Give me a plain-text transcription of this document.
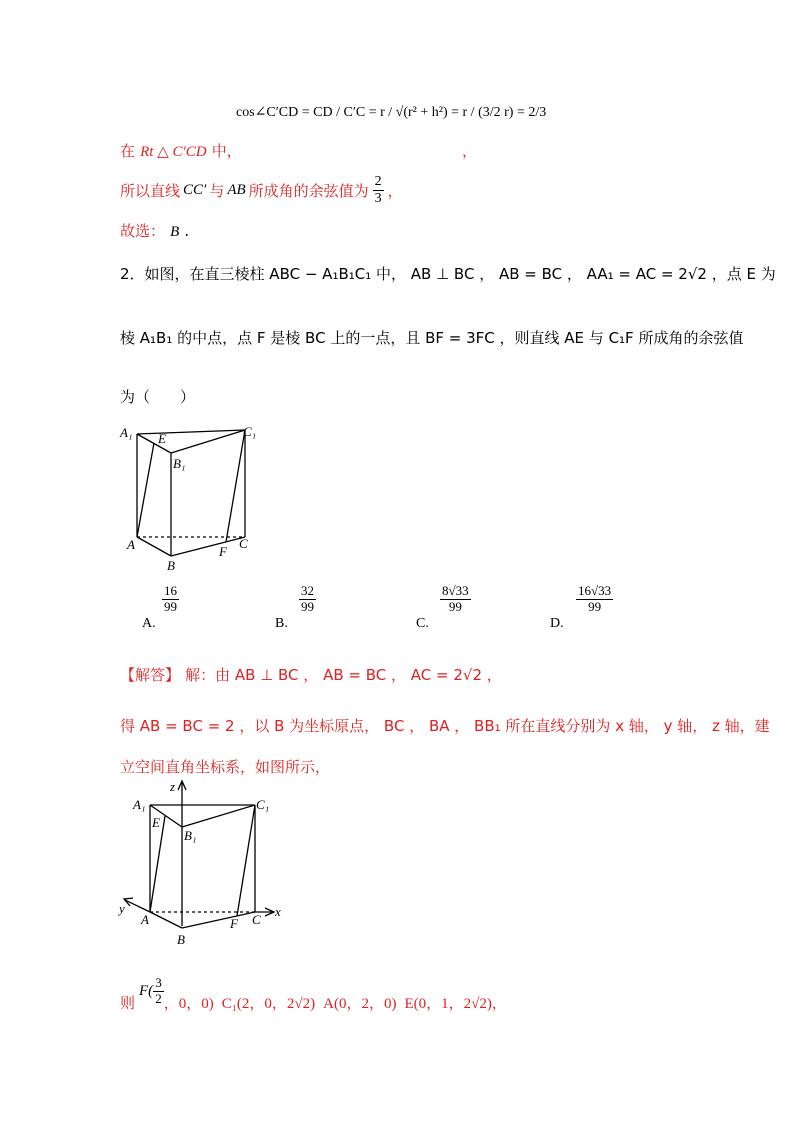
cos∠C′CD = CD / C′C = r / √(r² + h²) = r / (3/2 r) = 2/3
在 Rt △ C′CD 中，	，
所以直线 CC′ 与 AB 所成角的余弦值为 $\frac{2}{3}$ ，
故选： B .
2．如图，在直三棱柱 ABC − A₁B₁C₁ 中， AB ⊥ BC ， AB = BC ， AA₁ = AC = 2√2 ，点 E 为
棱 A₁B₁ 的中点，点 F 是棱 BC 上的一点，且 BF = 3FC ，则直线 AE 与 C₁F 所成角的余弦值
为（　　）
A₁ E
B₁
C₁
A
B
F
C
$\frac{16}{99}$
A.
$\frac{32}{99}$
B.
$\frac{8√33}{99}$
C.
$\frac{16√33}{99}$
D.
【解答】 解：由 AB ⊥ BC ， AB = BC ， AC = 2√2 ，
得 AB = BC = 2 ，以 B 为坐标原点， BC ， BA ， BB₁ 所在直线分别为 x 轴， y 轴， z 轴，建
立空间直角坐标系，如图所示，
z
A₁	C₁
E
B₁
y
A	F C
x
B
则
$F( \frac{3}{2}$ ，0，0) C₁(2，0，2√2) A(0，2，0) E(0，1，2√2) ，
